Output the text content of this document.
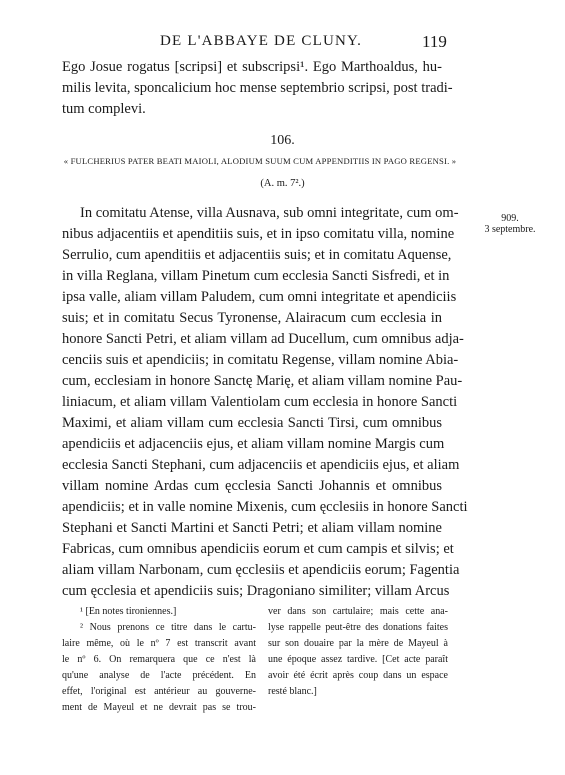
DE L'ABBAYE DE CLUNY.	119
Ego Josue rogatus [scripsi] et subscripsi¹. Ego Marthoaldus, hu-
milis levita, sponcalicium hoc mense septembrio scripsi, post tradi-
tum complevi.
106.
« FULCHERIUS PATER BEATI MAIOLI, ALODIUM SUUM CUM APPENDITIIS IN PAGO REGENSI. »
(A. m. 7².)
909.
3 septembre.
In comitatu Atense, villa Ausnava, sub omni integritate, cum om-
nibus adjacentiis et apenditiis suis, et in ipso comitatu villa, nomine
Serrulio, cum apenditiis et adjacentiis suis; et in comitatu Aquense,
in villa Reglana, villam Pinetum cum ecclesia Sancti Sisfredi, et in
ipsa valle, aliam villam Paludem, cum omni integritate et apendiciis
suis; et in comitatu Secus Tyronense, Alairacum cum ecclesia in
honore Sancti Petri, et aliam villam ad Ducellum, cum omnibus adja-
cenciis suis et apendiciis; in comitatu Regense, villam nomine Abia-
cum, ecclesiam in honore Sanctę Marię, et aliam villam nomine Pau-
liniacum, et aliam villam Valentiolam cum ecclesia in honore Sancti
Maximi, et aliam villam cum ecclesia Sancti Tirsi, cum omnibus
apendiciis et adjacenciis ejus, et aliam villam nomine Margis cum
ecclesia Sancti Stephani, cum adjacenciis et apendiciis ejus, et aliam
villam nomine Ardas cum ęcclesia Sancti Johannis et omnibus
apendiciis; et in valle nomine Mixenis, cum ęcclesiis in honore Sancti
Stephani et Sancti Martini et Sancti Petri; et aliam villam nomine
Fabricas, cum omnibus apendiciis eorum et cum campis et silvis; et
aliam villam Narbonam, cum ęcclesiis et apendiciis eorum; Fagentia
cum ęcclesia et apendiciis suis; Dragoniano similiter; villam Arcus
¹ [En notes tironiennes.]
² Nous prenons ce titre dans le cartu-
laire même, où le nº 7 est transcrit avant
le nº 6. On remarquera que ce n'est là
qu'une analyse de l'acte précédent. En
effet, l'original est antérieur au gouverne-
ment de Mayeul et ne devrait pas se trou-
ver dans son cartulaire; mais cette ana-
lyse rappelle peut-être des donations faites
sur son douaire par la mère de Mayeul à
une époque assez tardive. [Cet acte paraît
avoir été écrit après coup dans un espace
resté blanc.]
